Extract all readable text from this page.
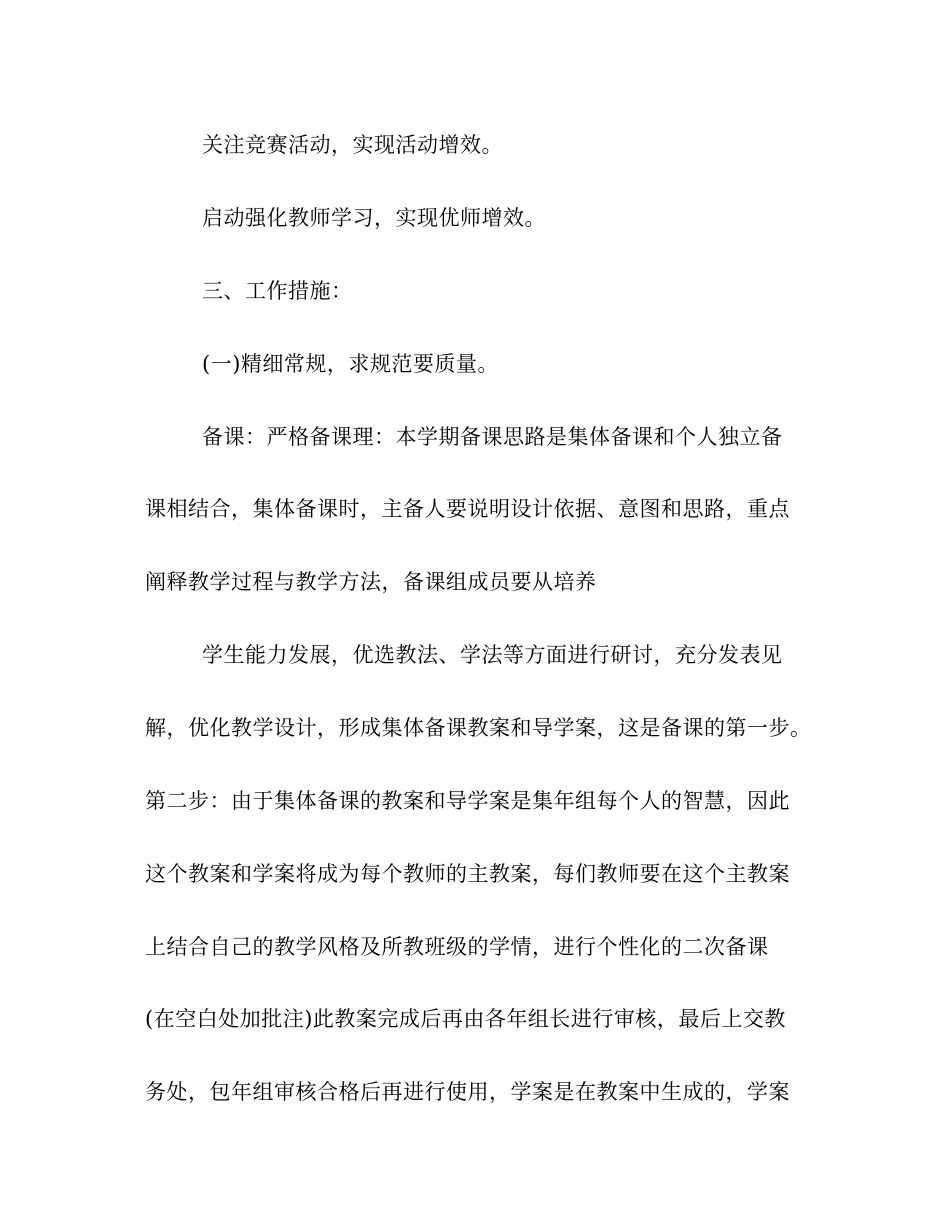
关注竞赛活动，实现活动增效。
启动强化教师学习，实现优师增效。
三、工作措施：
(一)精细常规，求规范要质量。
备课：严格备课理：本学期备课思路是集体备课和个人独立备
课相结合，集体备课时，主备人要说明设计依据、意图和思路，重点
阐释教学过程与教学方法，备课组成员要从培养
学生能力发展，优选教法、学法等方面进行研讨，充分发表见
解，优化教学设计，形成集体备课教案和导学案，这是备课的第一步。
第二步：由于集体备课的教案和导学案是集年组每个人的智慧，因此
这个教案和学案将成为每个教师的主教案，每们教师要在这个主教案
上结合自己的教学风格及所教班级的学情，进行个性化的二次备课
(在空白处加批注)此教案完成后再由各年组长进行审核，最后上交教
务处，包年组审核合格后再进行使用，学案是在教案中生成的，学案
